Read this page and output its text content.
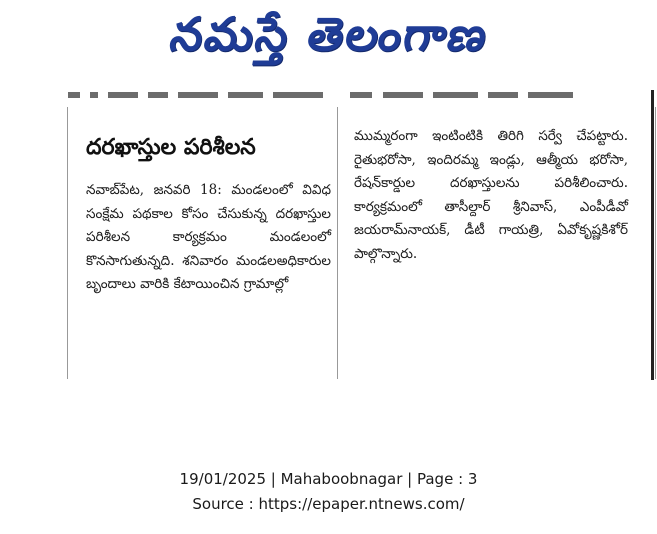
నమస్తే తెలంగాణ
దరఖాస్తుల పరిశీలన

నవాబ్‌పేట, జనవరి 18: మండలంలో వివిధ సంక్షేమ పథకాల కోసం చేసుకున్న దరఖాస్తుల పరిశీలన కార్యక్రమం మండలంలో కొనసాగుతున్నది. శనివారం మండలఅధికారుల బృందాలు వారికి కేటాయించిన గ్రామాల్లో

ముమ్మరంగా ఇంటింటికి తిరిగి సర్వే చేపట్టారు. రైతుభరోసా, ఇందిరమ్మ ఇండ్లు, ఆత్మీయ భరోసా, రేషన్‌కార్డుల దరఖాస్తులను పరిశీలించారు. కార్యక్రమంలో తాసీల్దార్ శ్రీనివాస్, ఎంపీడీవో జయరామ్‌నాయక్, డీటీ గాయత్రి, ఏవోకృష్ణకిశోర్ పాల్గొన్నారు.

19/01/2025 | Mahaboobnagar | Page : 3
Source : https://epaper.ntnews.com/
